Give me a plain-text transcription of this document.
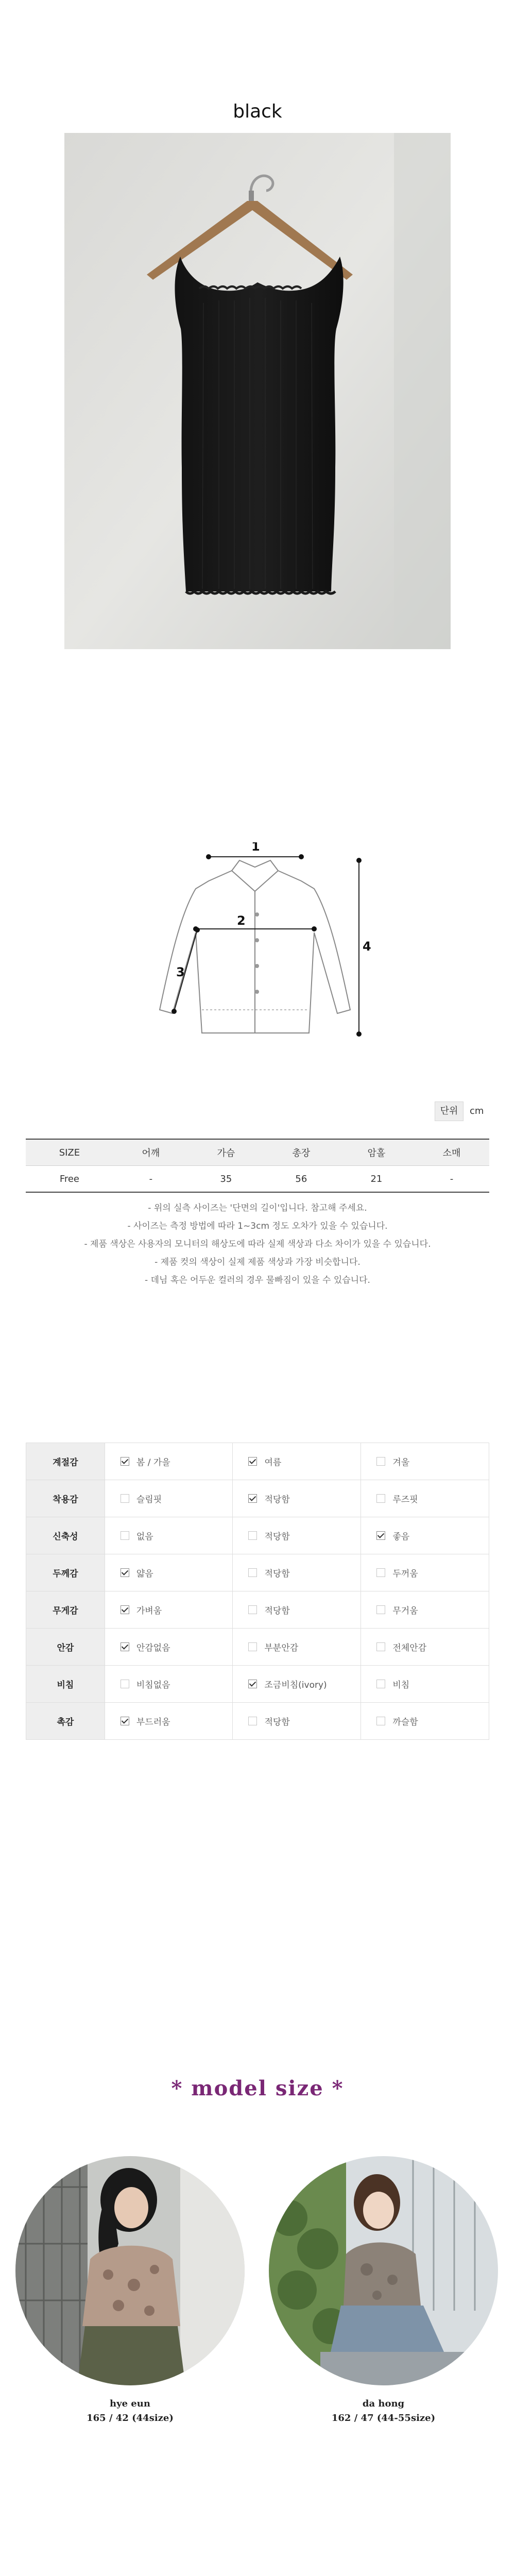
black
1
2
3
4
단위	cm
SIZE	어깨	가슴	총장	암홀	소매
Free	-	35	56	21	-
- 위의 실측 사이즈는 '단면의 길이'입니다. 참고해 주세요.
- 사이즈는 측정 방법에 따라 1~3cm 정도 오차가 있을 수 있습니다.
- 제품 색상은 사용자의 모니터의 해상도에 따라 실제 색상과 다소 차이가 있을 수 있습니다.
- 제품 컷의 색상이 실제 제품 색상과 가장 비슷합니다.
- 데님 혹은 어두운 컬러의 경우 물빠짐이 있을 수 있습니다.
계절감	봄 / 가을	여름	겨울

착용감	슬림핏	적당함	루즈핏

신축성	없음	적당함	좋음

두께감	얇음	적당함	두꺼움

무게감	가벼움	적당함	무거움

안감	안감없음	부분안감	전체안감

비침	비침없음	조금비침(ivory)	비침

촉감	부드러움	적당함	까슬함
* model size *
hye eun
165 / 42 (44size)
da hong
162 / 47 (44-55size)
